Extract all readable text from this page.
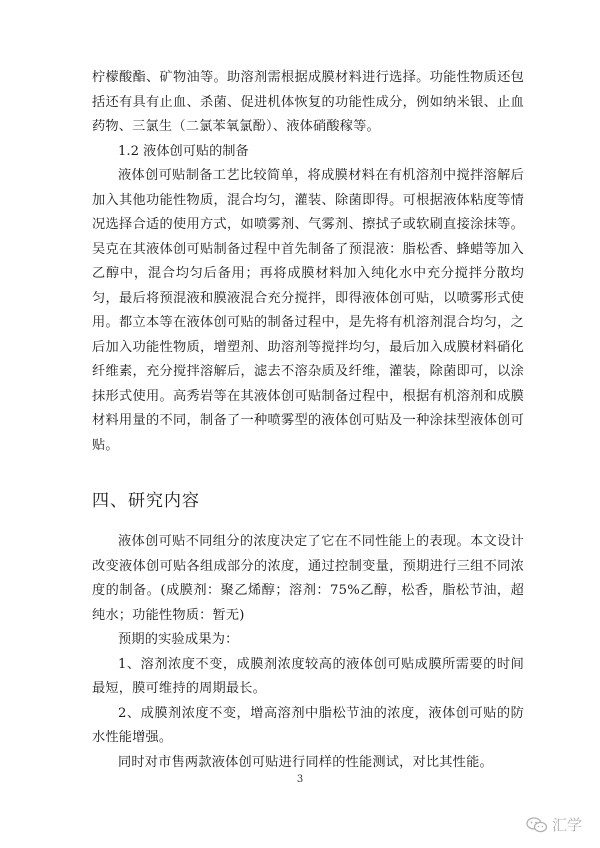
柠檬酸酯、矿物油等。助溶剂需根据成膜材料进行选择。功能性物质还包括还有具有止血、杀菌、促进机体恢复的功能性成分，例如纳米银、止血药物、三氯生（二氯苯氧氯酚）、液体硝酸稼等。

1.2 液体创可贴的制备

液体创可贴制备工艺比较简单，将成膜材料在有机溶剂中搅拌溶解后加入其他功能性物质，混合均匀，灌装、除菌即得。可根据液体粘度等情况选择合适的使用方式，如喷雾剂、气雾剂、擦拭子或软刷直接涂抹等。吴克在其液体创可贴制备过程中首先制备了预混液：脂松香、蜂蜡等加入乙醇中，混合均匀后备用；再将成膜材料加入纯化水中充分搅拌分散均匀，最后将预混液和膜液混合充分搅拌，即得液体创可贴，以喷雾形式使用。都立本等在液体创可贴的制备过程中，是先将有机溶剂混合均匀，之后加入功能性物质，增塑剂、助溶剂等搅拌均匀，最后加入成膜材料硝化纤维素，充分搅拌溶解后，滤去不溶杂质及纤维，灌装，除菌即可，以涂抹形式使用。高秀岩等在其液体创可贴制备过程中，根据有机溶剂和成膜材料用量的不同，制备了一种喷雾型的液体创可贴及一种涂抹型液体创可贴。

四、研究内容

液体创可贴不同组分的浓度决定了它在不同性能上的表现。本文设计改变液体创可贴各组成部分的浓度，通过控制变量，预期进行三组不同浓度的制备。(成膜剂：聚乙烯醇；溶剂：75%乙醇，松香，脂松节油，超纯水；功能性物质：暂无)

预期的实验成果为：

1、溶剂浓度不变，成膜剂浓度较高的液体创可贴成膜所需要的时间最短，膜可维持的周期最长。

2、成膜剂浓度不变，增高溶剂中脂松节油的浓度，液体创可贴的防水性能增强。

同时对市售两款液体创可贴进行同样的性能测试，对比其性能。

3
汇学
